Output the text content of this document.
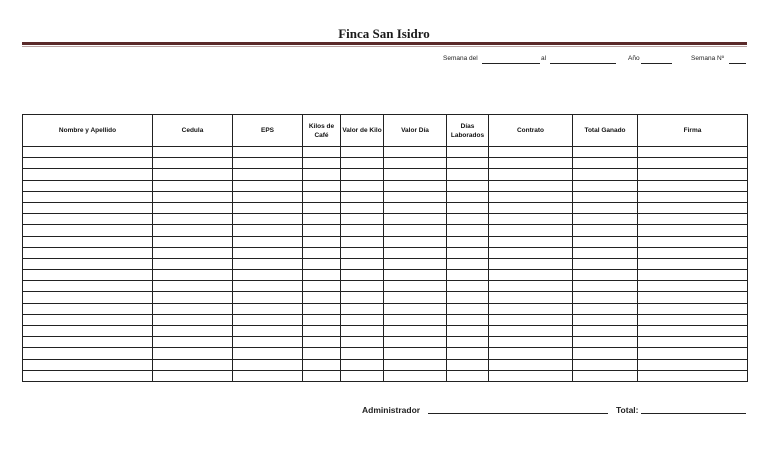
Finca San Isidro
Semana del	al	Año	Semana Nº
Nombre y Apellido	Cedula	EPS	Kilos de Café	Valor de Kilo	Valor Día	Días Laborados	Contrato	Total Ganado	Firma

Administrador	Total:
